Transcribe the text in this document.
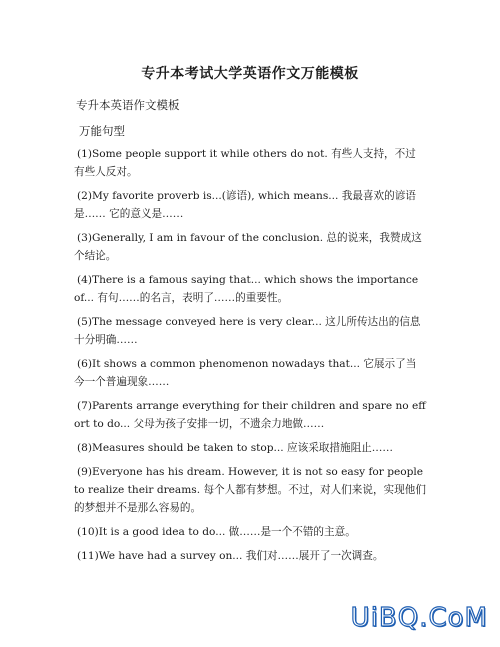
专升本考试大学英语作文万能模板
专升本英语作文模板
万能句型

(1)Some people support it while others do not. 有些人支持，不过有些人反对。

(2)My favorite proverb is...(谚语), which means... 我最喜欢的谚语是…… 它的意义是……

(3)Generally, I am in favour of the conclusion. 总的说来，我赞成这个结论。

(4)There is a famous saying that... which shows the importance of... 有句……的名言，表明了……的重要性。

(5)The message conveyed here is very clear... 这儿所传达出的信息十分明确……

(6)It shows a common phenomenon nowadays that... 它展示了当今一个普遍现象……

(7)Parents arrange everything for their children and spare no effort to do... 父母为孩子安排一切，不遗余力地做……

(8)Measures should be taken to stop... 应该采取措施阻止……

(9)Everyone has his dream. However, it is not so easy for people to realize their dreams. 每个人都有梦想。不过，对人们来说，实现他们的梦想并不是那么容易的。

(10)It is a good idea to do... 做……是一个不错的主意。

(11)We have had a survey on... 我们对……展开了一次调查。

UiBQ.CoM
